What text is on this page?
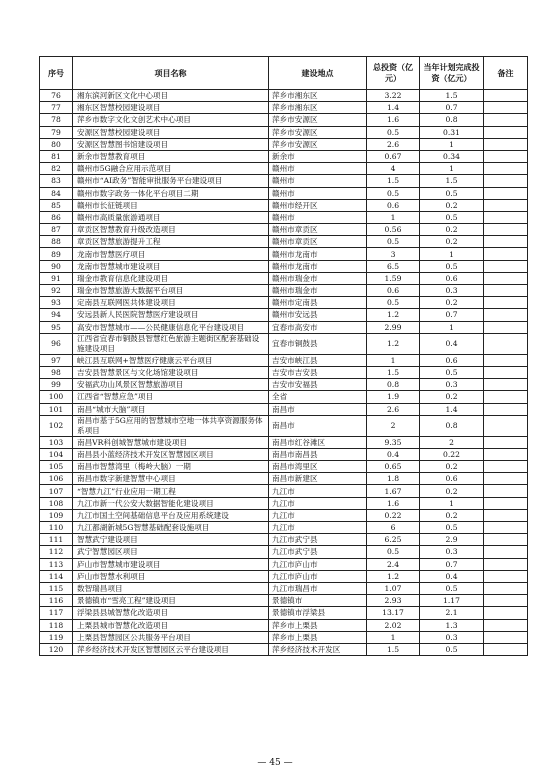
序号	项目名称	建设地点	总投资（亿元）	当年计划完成投资（亿元）	备注
76	湘东滨河新区文化中心项目	萍乡市湘东区	3.22	1.5	
77	湘东区智慧校园建设项目	萍乡市湘东区	1.4	0.7	
78	萍乡市数字文化文创艺术中心项目	萍乡市安源区	1.6	0.8	
79	安源区智慧校园建设项目	萍乡市安源区	0.5	0.31	
80	安源区智慧图书馆建设项目	萍乡市安源区	2.6	1	
81	新余市智慧教育项目	新余市	0.67	0.34	
82	赣州市5G融合应用示范项目	赣州市	4	1	
83	赣州市“AI政务”智能审批服务平台建设项目	赣州市	1.5	1.5	
84	赣州市数字政务一体化平台项目二期	赣州市	0.5	0.5	
85	赣州市长征链项目	赣州市经开区	0.6	0.2	
86	赣州市高质量旅游通项目	赣州市	1	0.5	
87	章贡区智慧教育升级改造项目	赣州市章贡区	0.56	0.2	
88	章贡区智慧旅游提升工程	赣州市章贡区	0.5	0.2	
89	龙南市智慧医疗项目	赣州市龙南市	3	1	
90	龙南市智慧城市建设项目	赣州市龙南市	6.5	0.5	
91	瑞金市教育信息化建设项目	赣州市瑞金市	1.59	0.6	
92	瑞金市智慧旅游大数据平台项目	赣州市瑞金市	0.6	0.3	
93	定南县互联网医共体建设项目	赣州市定南县	0.5	0.2	
94	安远县新人民医院智慧医疗建设项目	赣州市安远县	1.2	0.7	
95	高安市智慧城市——公民健康信息化平台建设项目	宜春市高安市	2.99	1	
96	江西省宜春市铜鼓县智慧红色旅游主题街区配套基础设施建设项目	宜春市铜鼓县	1.2	0.4	
97	峡江县互联网+智慧医疗健康云平台项目	吉安市峡江县	1	0.6	
98	吉安县智慧景区与文化场馆建设项目	吉安市吉安县	1.5	0.5	
99	安福武功山风景区智慧旅游项目	吉安市安福县	0.8	0.3	
100	江西省“智慧应急”项目	全省	1.9	0.2	
101	南昌“城市大脑”项目	南昌市	2.6	1.4	
102	南昌市基于5G应用的智慧城市空地一体共享资源服务体系项目	南昌市	2	0.8	
103	南昌VR科创城智慧城市建设项目	南昌市红谷滩区	9.35	2	
104	南昌县小蓝经济技术开发区智慧园区项目	南昌市南昌县	0.4	0.22	
105	南昌市智慧湾里（梅岭大脑）一期	南昌市湾里区	0.65	0.2	
106	南昌市数字新建智慧中心项目	南昌市新建区	1.8	0.6	
107	“智慧九江”行业应用一期工程	九江市	1.67	0.2	
108	九江市新一代公安大数据智能化建设项目	九江市	1.6	1	
109	九江市国土空间基础信息平台及应用系统建设	九江市	0.22	0.2	
110	九江都湖新城5G智慧基础配套设施项目	九江市	6	0.5	
111	智慧武宁建设项目	九江市武宁县	6.25	2.9	
112	武宁智慧园区项目	九江市武宁县	0.5	0.3	
113	庐山市智慧城市建设项目	九江市庐山市	2.4	0.7	
114	庐山市智慧水利项目	九江市庐山市	1.2	0.4	
115	数智瑞昌项目	九江市瑞昌市	1.07	0.5	
116	景德镇市“雪亮工程”建设项目	景德镇市	2.93	1.17	
117	浮梁县县城智慧化改造项目	景德镇市浮梁县	13.17	2.1	
118	上栗县城市智慧化改造项目	萍乡市上栗县	2.02	1.3	
119	上栗县智慧园区公共服务平台项目	萍乡市上栗县	1	0.3	
120	萍乡经济技术开发区智慧园区云平台建设项目	萍乡经济技术开发区	1.5	0.5	
— 45 —
